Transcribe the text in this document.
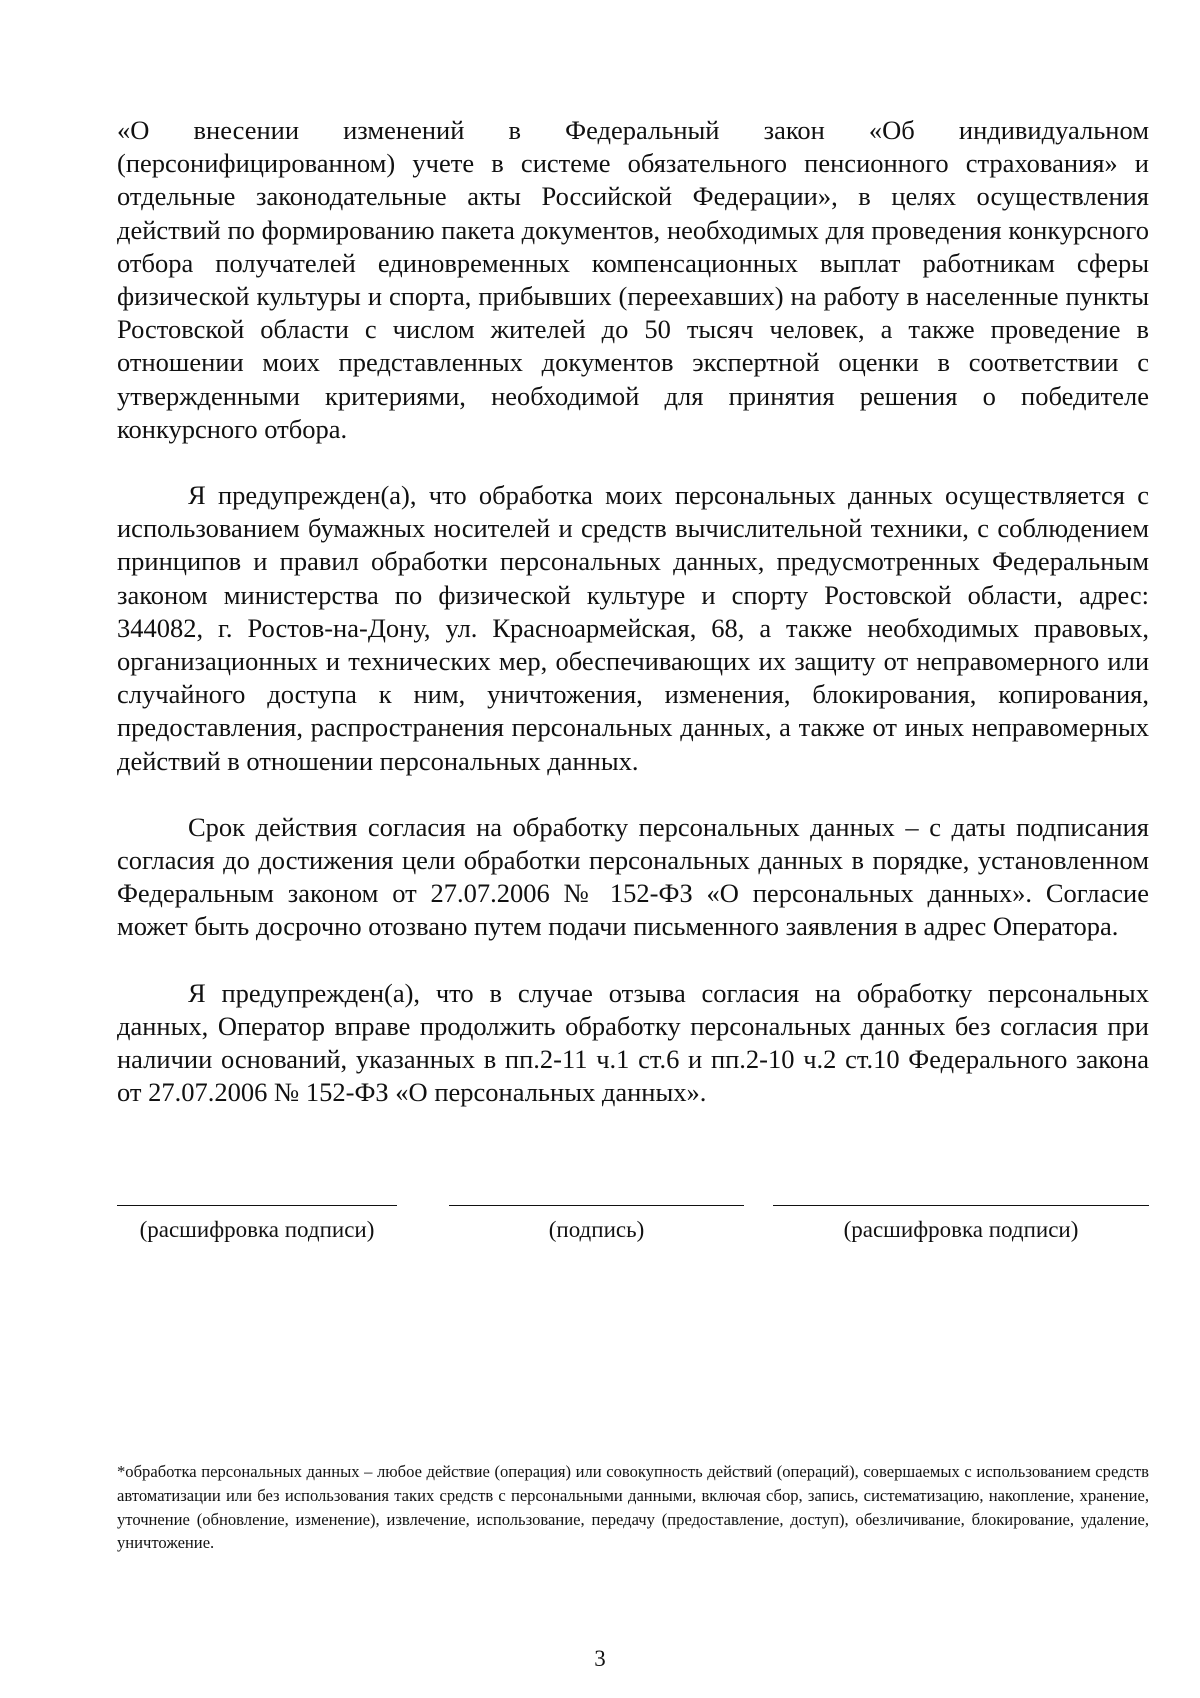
«О внесении изменений в Федеральный закон «Об индивидуальном (персонифицированном) учете в системе обязательного пенсионного страхования» и отдельные законодательные акты Российской Федерации», в целях осуществления действий по формированию пакета документов, необходимых для проведения конкурсного отбора получателей единовременных компенсационных выплат работникам сферы физической культуры и спорта, прибывших (переехавших) на работу в населенные пункты Ростовской области с числом жителей до 50 тысяч человек, а также проведение в отношении моих представленных документов экспертной оценки в соответствии с утвержденными критериями, необходимой для принятия решения о победителе конкурсного отбора.

Я предупрежден(а), что обработка моих персональных данных осуществляется с использованием бумажных носителей и средств вычислительной техники, с соблюдением принципов и правил обработки персональных данных, предусмотренных Федеральным законом министерства по физической культуре и спорту Ростовской области, адрес: 344082, г. Ростов-на-Дону, ул. Красноармейская, 68, а также необходимых правовых, организационных и технических мер, обеспечивающих их защиту от неправомерного или случайного доступа к ним, уничтожения, изменения, блокирования, копирования, предоставления, распространения персональных данных, а также от иных неправомерных действий в отношении персональных данных.

Срок действия согласия на обработку персональных данных – с даты подписания согласия до достижения цели обработки персональных данных в порядке, установленном Федеральным законом от 27.07.2006 № 152-ФЗ «О персональных данных». Согласие может быть досрочно отозвано путем подачи письменного заявления в адрес Оператора.

Я предупрежден(а), что в случае отзыва согласия на обработку персональных данных, Оператор вправе продолжить обработку персональных данных без согласия при наличии оснований, указанных в пп.2-11 ч.1 ст.6 и пп.2-10 ч.2 ст.10 Федерального закона от 27.07.2006 № 152-ФЗ «О персональных данных».

(расшифровка подписи)	(подпись)	(расшифровка подписи)
*обработка персональных данных – любое действие (операция) или совокупность действий (операций), совершаемых с использованием средств автоматизации или без использования таких средств с персональными данными, включая сбор, запись, систематизацию, накопление, хранение, уточнение (обновление, изменение), извлечение, использование, передачу (предоставление, доступ), обезличивание, блокирование, удаление, уничтожение.
3
